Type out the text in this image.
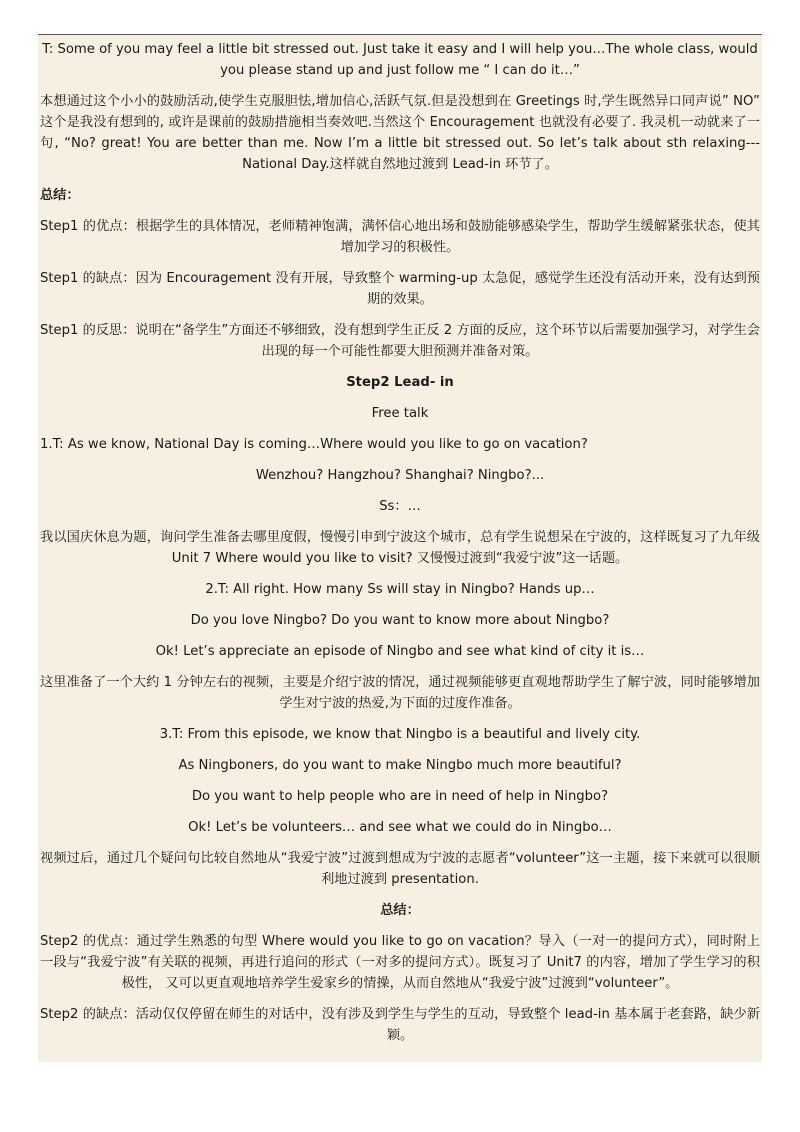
T: Some of you may feel a little bit stressed out. Just take it easy and I will help you…The whole class, would you please stand up and just follow me “ I can do it…”

本想通过这个小小的鼓励活动,使学生克服胆怯,增加信心,活跃气氛.但是没想到在 Greetings 时,学生既然异口同声说” NO” 这个是我没有想到的, 或许是课前的鼓励措施相当奏效吧.当然这个 Encouragement 也就没有必要了. 我灵机一动就来了一句, “No? great! You are better than me. Now I’m a little bit stressed out. So let’s talk about sth relaxing---National Day.这样就自然地过渡到 Lead-in 环节了。

总结：

Step1 的优点：根据学生的具体情况，老师精神饱满，满怀信心地出场和鼓励能够感染学生，帮助学生缓解紧张状态，使其增加学习的积极性。

Step1 的缺点：因为 Encouragement 没有开展，导致整个 warming-up 太急促，感觉学生还没有活动开来，没有达到预期的效果。

Step1 的反思：说明在“备学生”方面还不够细致，没有想到学生正反 2 方面的反应，这个环节以后需要加强学习，对学生会出现的每一个可能性都要大胆预测并准备对策。

Step2 Lead- in

Free talk

1.T: As we know, National Day is coming…Where would you like to go on vacation?

Wenzhou? Hangzhou? Shanghai? Ningbo?...

Ss：…

我以国庆休息为题，询问学生准备去哪里度假，慢慢引申到宁波这个城市，总有学生说想呆在宁波的，这样既复习了九年级 Unit 7 Where would you like to visit? 又慢慢过渡到“我爱宁波”这一话题。

2.T: All right. How many Ss will stay in Ningbo? Hands up…

Do you love Ningbo? Do you want to know more about Ningbo?

Ok! Let’s appreciate an episode of Ningbo and see what kind of city it is…

这里准备了一个大约 1 分钟左右的视频，主要是介绍宁波的情况，通过视频能够更直观地帮助学生了解宁波，同时能够增加学生对宁波的热爱,为下面的过度作准备。

3.T: From this episode, we know that Ningbo is a beautiful and lively city.

As Ningboners, do you want to make Ningbo much more beautiful?

Do you want to help people who are in need of help in Ningbo?

Ok! Let’s be volunteers… and see what we could do in Ningbo…

视频过后，通过几个疑问句比较自然地从“我爱宁波”过渡到想成为宁波的志愿者“volunteer”这一主题，接下来就可以很顺利地过渡到 presentation.

总结：

Step2 的优点：通过学生熟悉的句型 Where would you like to go on vacation？导入（一对一的提问方式），同时附上一段与“我爱宁波”有关联的视频，再进行追问的形式（一对多的提问方式）。既复习了 Unit7 的内容，增加了学生学习的积极性， 又可以更直观地培养学生爱家乡的情操，从而自然地从“我爱宁波”过渡到“volunteer”。

Step2 的缺点：活动仅仅停留在师生的对话中，没有涉及到学生与学生的互动，导致整个 lead-in 基本属于老套路，缺少新颖。
